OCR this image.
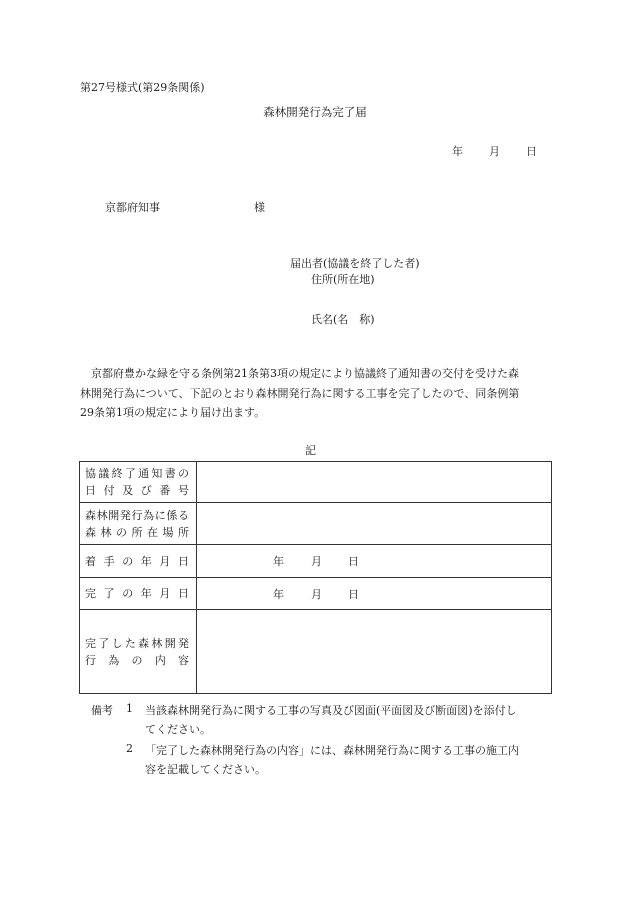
第27号様式(第29条関係)
森林開発行為完了届
年 月 日
京都府知事	様
届出者(協議を終了した者)
住所(所在地)
氏名(名　称)
京都府豊かな緑を守る条例第21条第3項の規定により協議終了通知書の交付を受けた森
林開発行為について、下記のとおり森林開発行為に関する工事を完了したので、同条例第
29条第1項の規定により届け出ます。
記
協議終了通知書の
日付及び番号	

森林開発行為に係る
森林の所在場所	

着手の年月日	年 月 日

完了の年月日	年 月 日

完了した森林開発
行為の内容	

備考 1 当該森林開発行為に関する工事の写真及び図面(平面図及び断面図)を添付し
てください。
2 「完了した森林開発行為の内容」には、森林開発行為に関する工事の施工内
容を記載してください。
